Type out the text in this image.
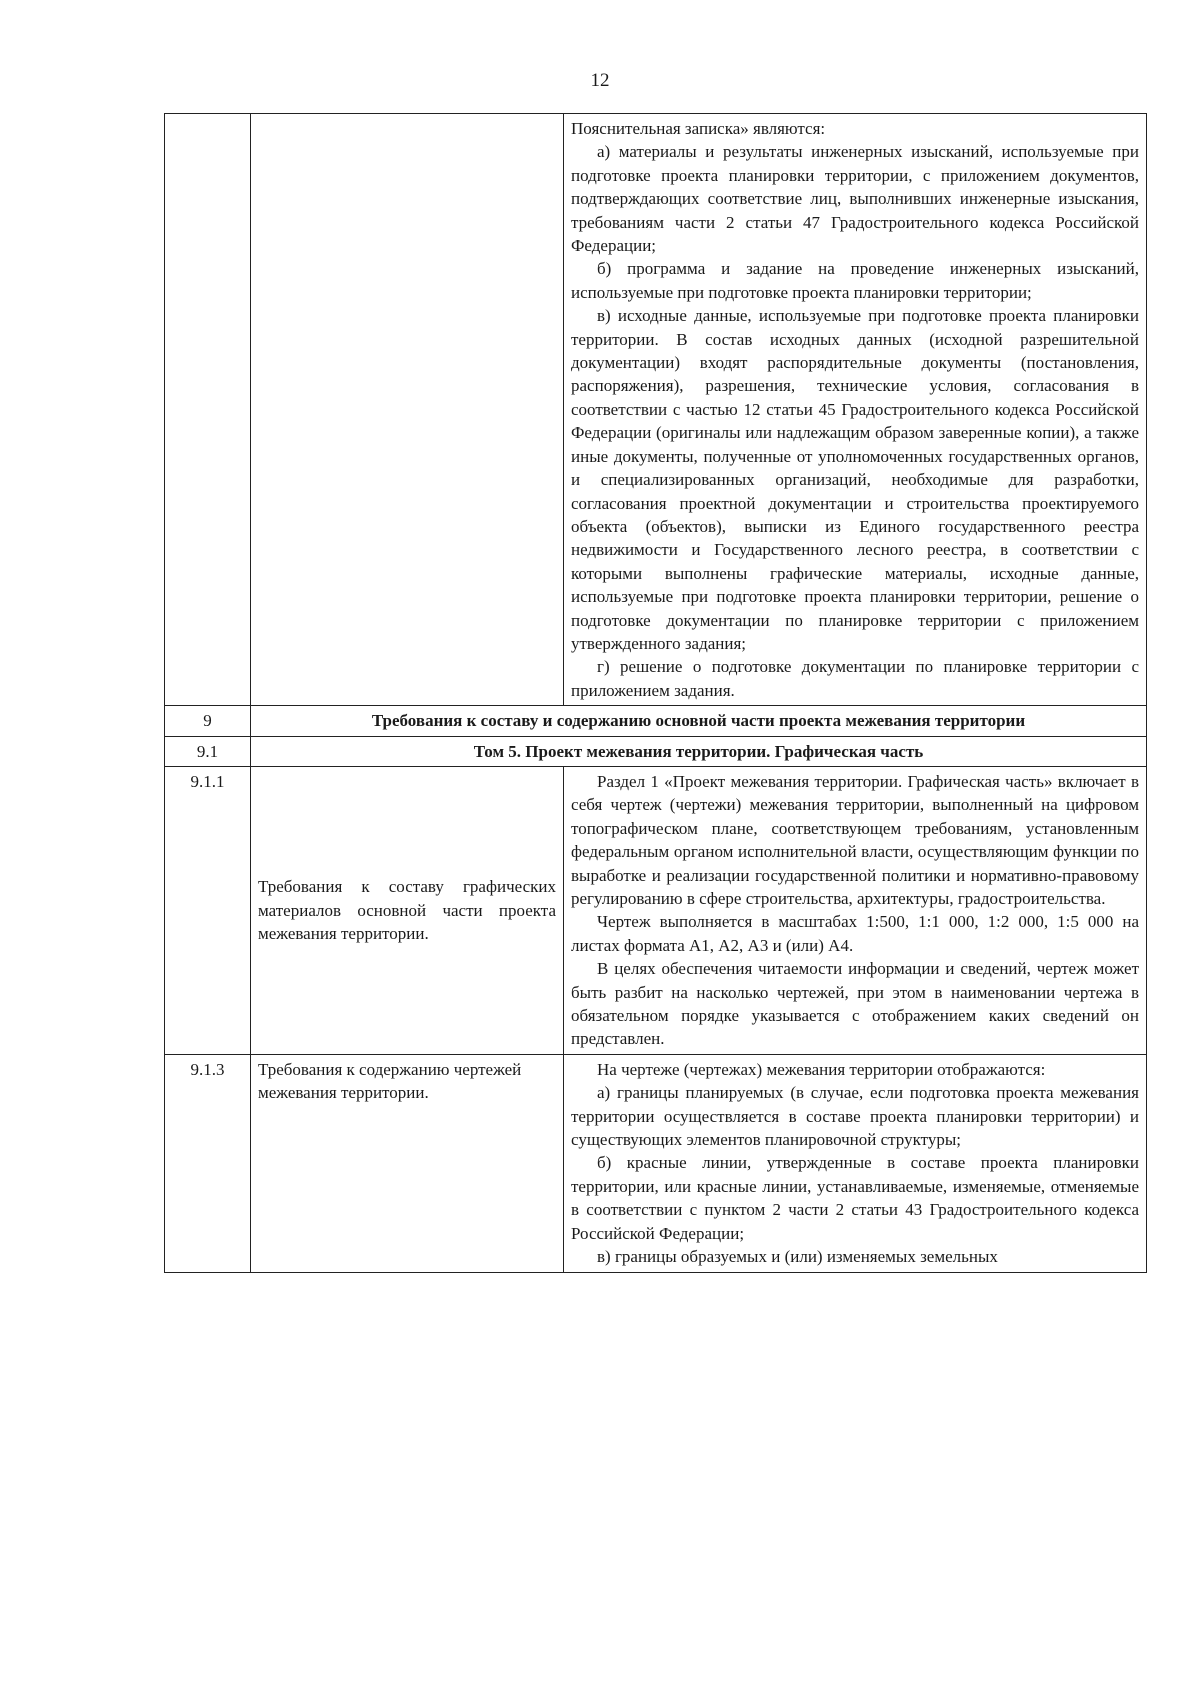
12

		Пояснительная записка» являются:

а) материалы и результаты инженерных изысканий, используемые при подготовке проекта планировки территории, с приложением документов, подтверждающих соответствие лиц, выполнивших инженерные изыскания, требованиям части 2 статьи 47 Градостроительного кодекса Российской Федерации;

б) программа и задание на проведение инженерных изысканий, используемые при подготовке проекта планировки территории;

в) исходные данные, используемые при подготовке проекта планировки территории. В состав исходных данных (исходной разрешительной документации) входят распорядительные документы (постановления, распоряжения), разрешения, технические условия, согласования в соответствии с частью 12 статьи 45 Градостроительного кодекса Российской Федерации (оригиналы или надлежащим образом заверенные копии), а также иные документы, полученные от уполномоченных государственных органов, и специализированных организаций, необходимые для разработки, согласования проектной документации и строительства проектируемого объекта (объектов), выписки из Единого государственного реестра недвижимости и Государственного лесного реестра, в соответствии с которыми выполнены графические материалы, исходные данные, используемые при подготовке проекта планировки территории, решение о подготовке документации по планировке территории с приложением утвержденного задания;

г) решение о подготовке документации по планировке территории с приложением задания.

9	Требования к составу и содержанию основной части проекта межевания территории	
9.1	Том 5. Проект межевания территории. Графическая часть	
9.1.1	Требования к составу графических материалов основной части проекта межевания территории.	Раздел 1 «Проект межевания территории. Графическая часть» включает в себя чертеж (чертежи) межевания территории, выполненный на цифровом топографическом плане, соответствующем требованиям, установленным федеральным органом исполнительной власти, осуществляющим функции по выработке и реализации государственной политики и нормативно-правовому регулированию в сфере строительства, архитектуры, градостроительства.

Чертеж выполняется в масштабах 1:500, 1:1 000, 1:2 000, 1:5 000 на листах формата А1, А2, А3 и (или) А4.

В целях обеспечения читаемости информации и сведений, чертеж может быть разбит на насколько чертежей, при этом в наименовании чертежа в обязательном порядке указывается с отображением каких сведений он представлен.

9.1.3	Требования к содержанию чертежей межевания территории.	На чертеже (чертежах) межевания территории отображаются:

а) границы планируемых (в случае, если подготовка проекта межевания территории осуществляется в составе проекта планировки территории) и существующих элементов планировочной структуры;

б) красные линии, утвержденные в составе проекта планировки территории, или красные линии, устанавливаемые, изменяемые, отменяемые в соответствии с пунктом 2 части 2 статьи 43 Градостроительного кодекса Российской Федерации;

в) границы образуемых и (или) изменяемых земельных
